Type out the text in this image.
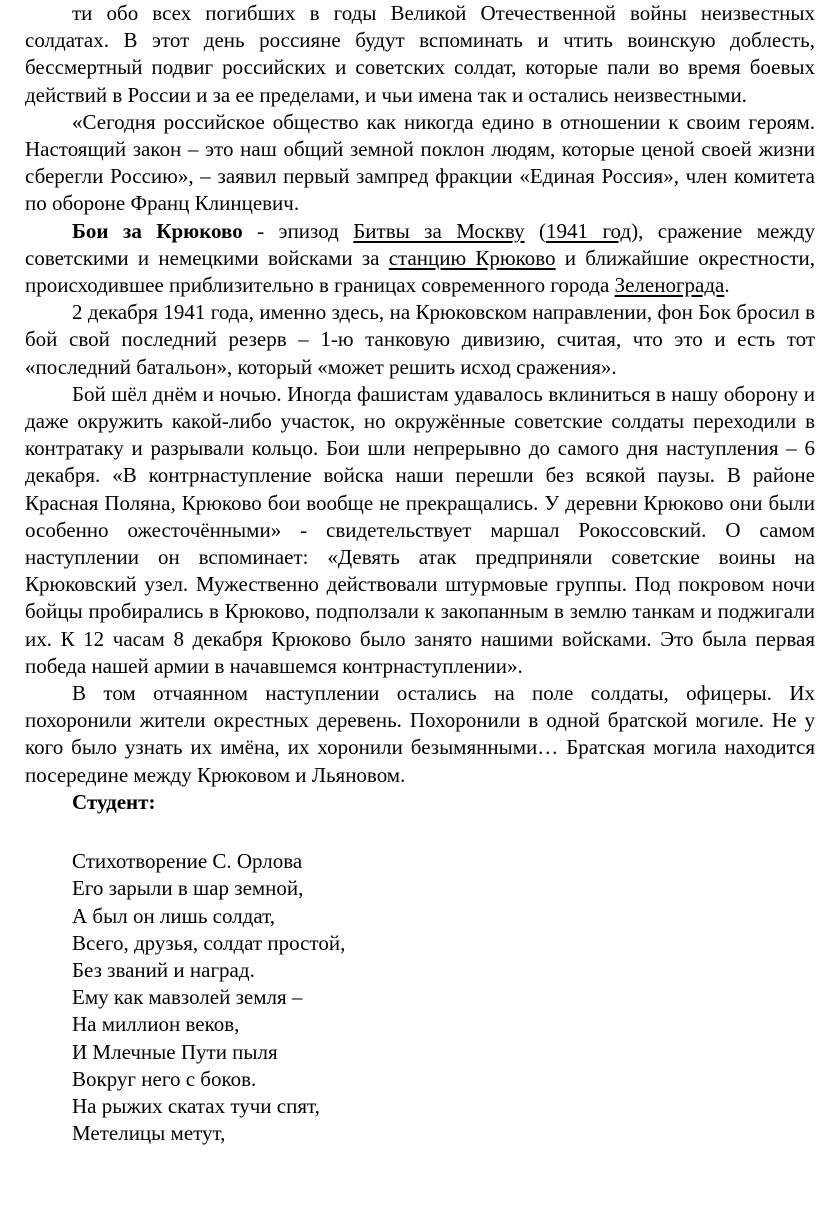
ти обо всех погибших в годы Великой Отечественной войны неизвестных солдатах. В этот день россияне будут вспоминать и чтить воинскую доблесть, бессмертный подвиг российских и советских солдат, которые пали во время боевых действий в России и за ее пределами, и чьи имена так и остались неизвестными.

«Сегодня российское общество как никогда едино в отношении к своим героям. Настоящий закон – это наш общий земной поклон людям, которые ценой своей жизни сберегли Россию», – заявил первый зампред фракции «Единая Россия», член комитета по обороне Франц Клинцевич.

Бои за Крюково - эпизод Битвы за Москву (1941 год), сражение между советскими и немецкими войсками за станцию Крюково и ближайшие окрестности, происходившее приблизительно в границах современного города Зеленограда.

2 декабря 1941 года, именно здесь, на Крюковском направлении, фон Бок бросил в бой свой последний резерв – 1-ю танковую дивизию, считая, что это и есть тот «последний батальон», который «может решить исход сражения».

Бой шёл днём и ночью. Иногда фашистам удавалось вклиниться в нашу оборону и даже окружить какой-либо участок, но окружённые советские солдаты переходили в контратаку и разрывали кольцо. Бои шли непрерывно до самого дня наступления – 6 декабря. «В контрнаступление войска наши перешли без всякой паузы. В районе Красная Поляна, Крюково бои вообще не прекращались. У деревни Крюково они были особенно ожесточёнными» - свидетельствует маршал Рокоссовский. О самом наступлении он вспоминает: «Девять атак предприняли советские воины на Крюковский узел. Мужественно действовали штурмовые группы. Под покровом ночи бойцы пробирались в Крюково, подползали к закопанным в землю танкам и поджигали их. К 12 часам 8 декабря Крюково было занято нашими войсками. Это была первая победа нашей армии в начавшемся контрнаступлении».

В том отчаянном наступлении остались на поле солдаты, офицеры. Их похоронили жители окрестных деревень. Похоронили в одной братской могиле. Не у кого было узнать их имёна, их хоронили безымянными… Братская могила находится посередине между Крюковом и Льяновом.

Студент:

Стихотворение С. Орлова
Его зарыли в шар земной,
А был он лишь солдат,
Всего, друзья, солдат простой,
Без званий и наград.
Ему как мавзолей земля –
На миллион веков,
И Млечные Пути пыля
Вокруг него с боков.
На рыжих скатах тучи спят,
Метелицы метут,
